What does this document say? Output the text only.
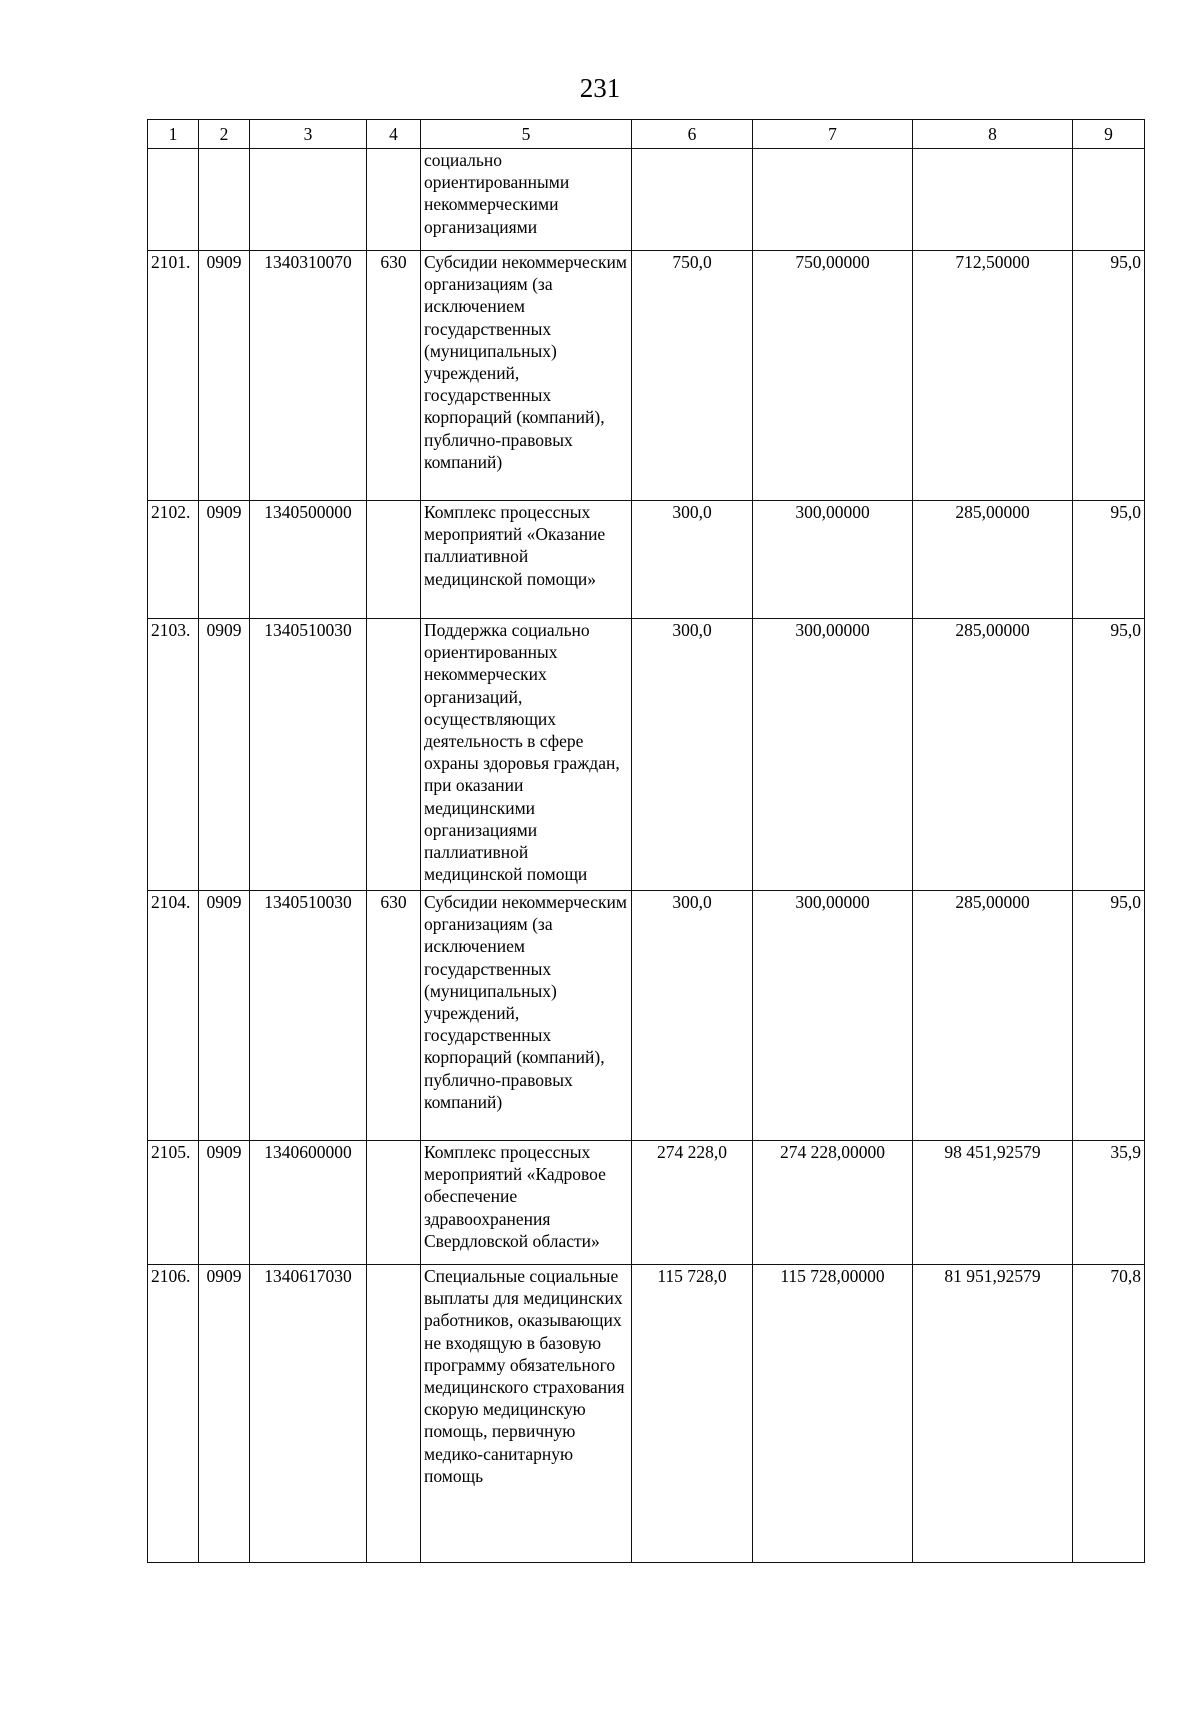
231
1	2	3	4	5	6	7	8	9
				социально ориентированными некоммерческими организациями				
2101.	0909	1340310070	630	Субсидии некоммерческим организациям (за исключением государственных (муниципальных) учреждений, государственных корпораций (компаний), публично-правовых компаний)	750,0	750,00000	712,50000	95,0
2102.	0909	1340500000		Комплекс процессных мероприятий «Оказание паллиативной медицинской помощи»	300,0	300,00000	285,00000	95,0
2103.	0909	1340510030		Поддержка социально ориентированных некоммерческих организаций, осуществляющих деятельность в сфере охраны здоровья граждан, при оказании медицинскими организациями паллиативной медицинской помощи	300,0	300,00000	285,00000	95,0
2104.	0909	1340510030	630	Субсидии некоммерческим организациям (за исключением государственных (муниципальных) учреждений, государственных корпораций (компаний), публично-правовых компаний)	300,0	300,00000	285,00000	95,0
2105.	0909	1340600000		Комплекс процессных мероприятий «Кадровое обеспечение здравоохранения Свердловской области»	274 228,0	274 228,00000	98 451,92579	35,9
2106.	0909	1340617030		Специальные социальные выплаты для медицинских работников, оказывающих не входящую в базовую программу обязательного медицинского страхования скорую медицинскую помощь, первичную медико-санитарную помощь	115 728,0	115 728,00000	81 951,92579	70,8
